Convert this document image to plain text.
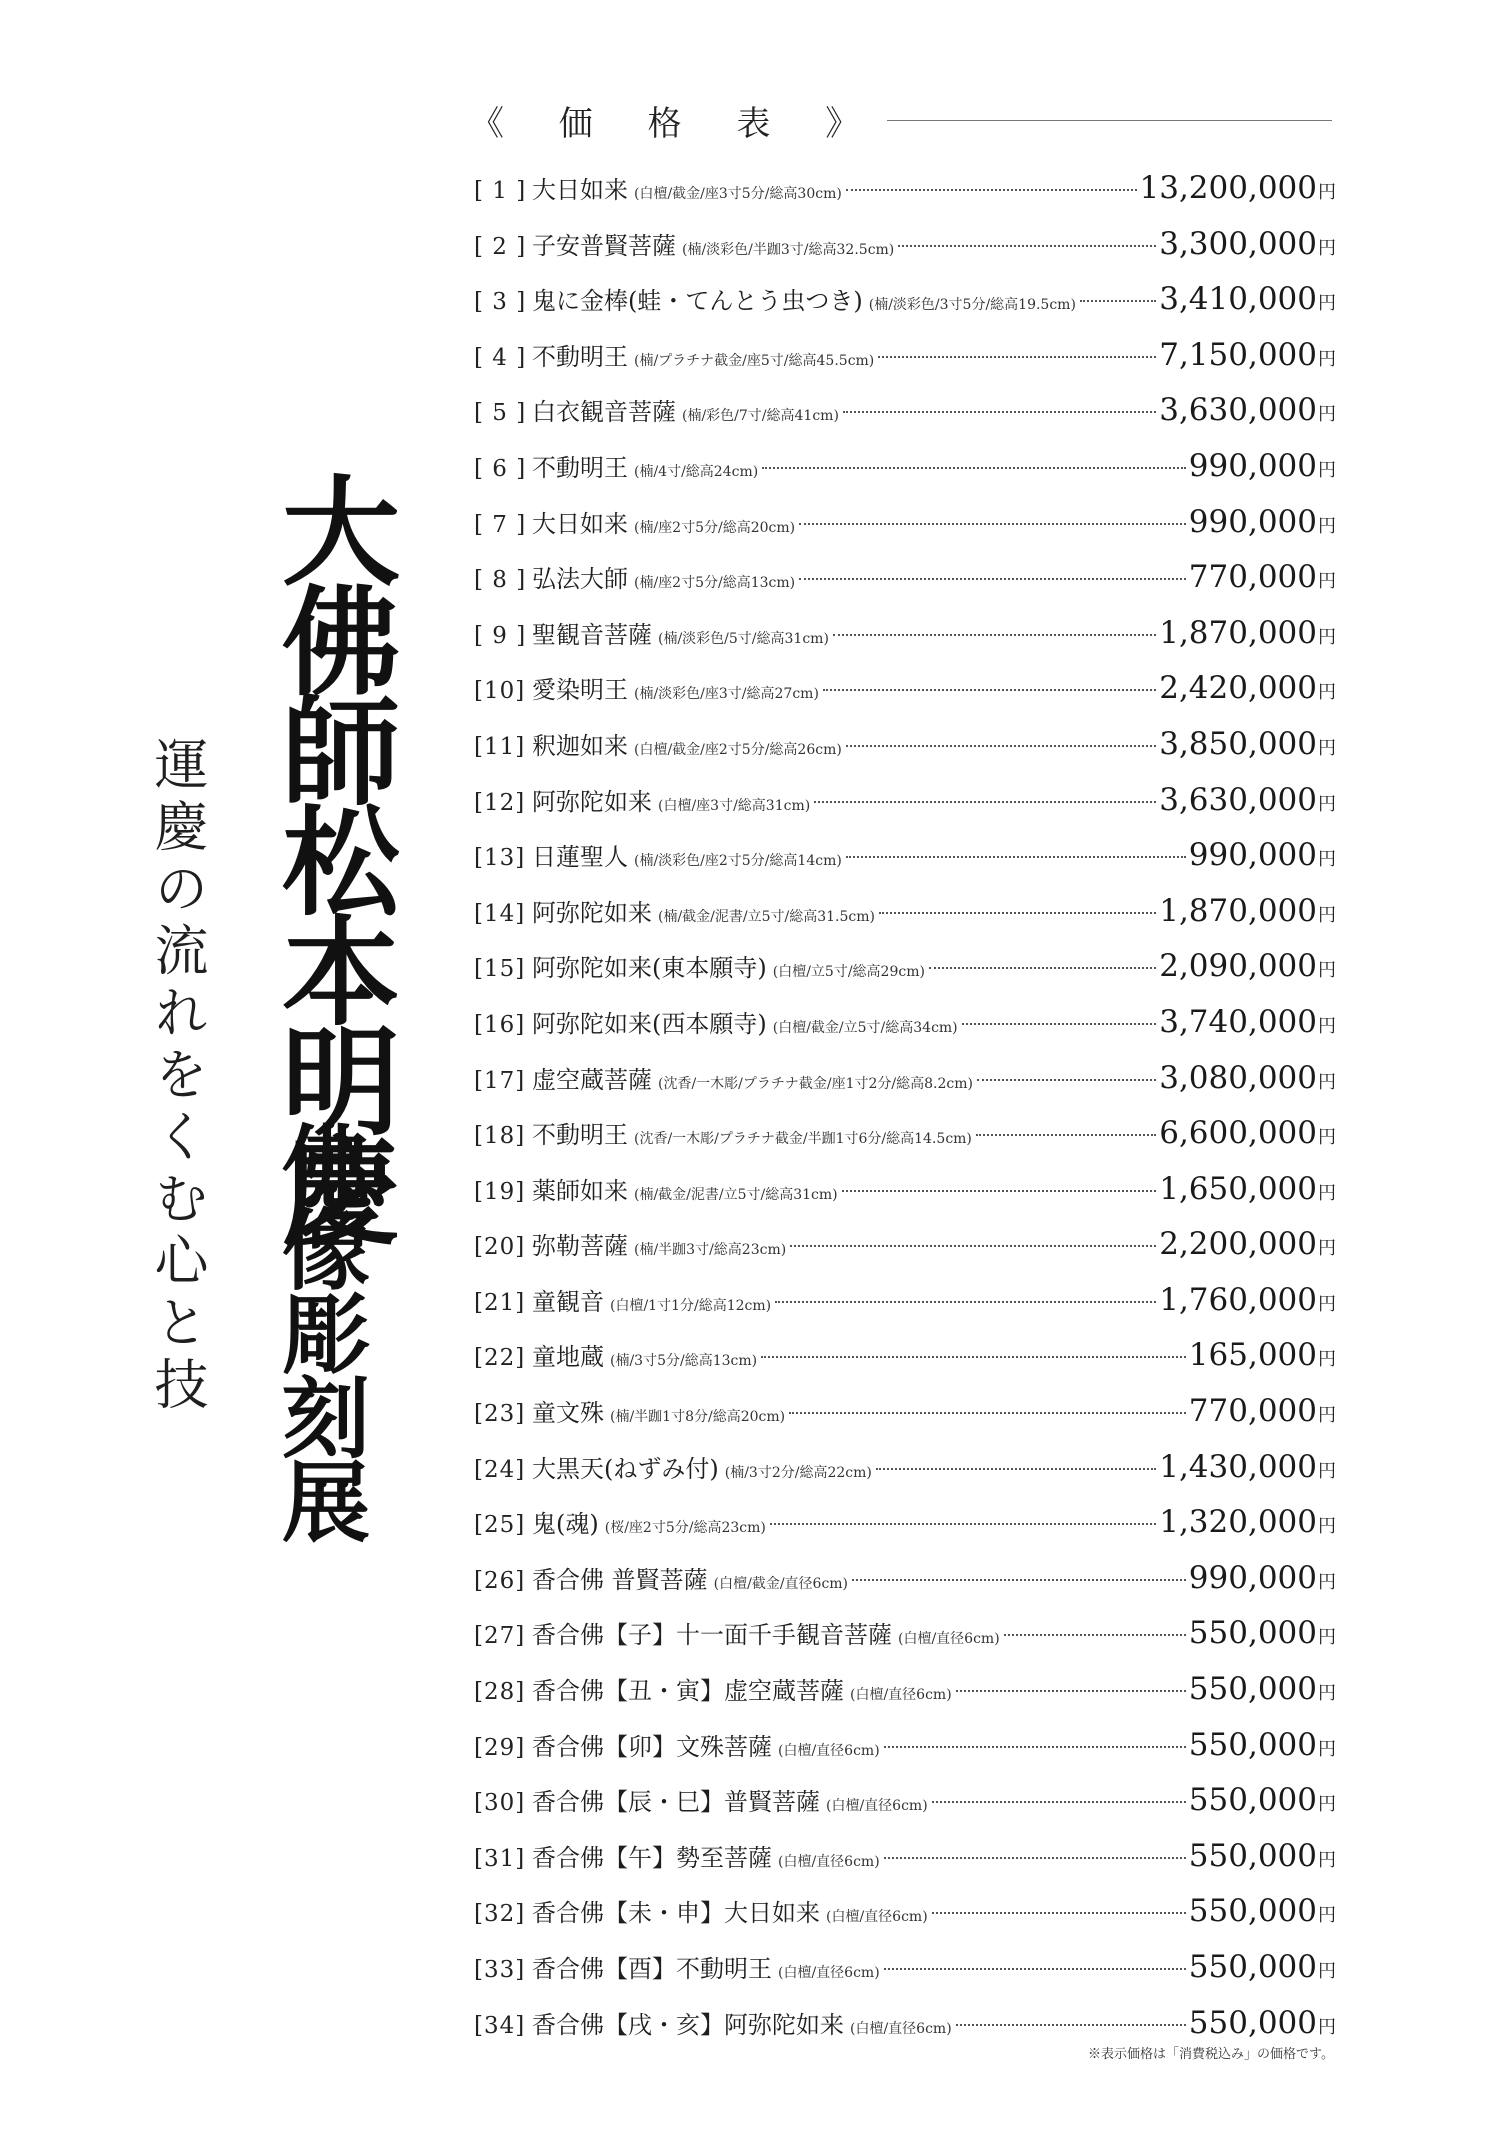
運慶の流れをくむ心と技 大佛師松本明慶
佛像彫刻展
《 価 格 表 》
[ 1 ] 大日如来 (白檀/截金/座3寸5分/総高30cm)	13,200,000 円
[ 2 ] 子安普賢菩薩 (楠/淡彩色/半跏3寸/総高32.5cm)	3,300,000 円
[ 3 ] 鬼に金棒(蛙・てんとう虫つき) (楠/淡彩色/3寸5分/総高19.5cm)	3,410,000 円
[ 4 ] 不動明王 (楠/プラチナ截金/座5寸/総高45.5cm)	7,150,000 円
[ 5 ] 白衣観音菩薩 (楠/彩色/7寸/総高41cm)	3,630,000 円
[ 6 ] 不動明王 (楠/4寸/総高24cm)	990,000 円
[ 7 ] 大日如来 (楠/座2寸5分/総高20cm)	990,000 円
[ 8 ] 弘法大師 (楠/座2寸5分/総高13cm)	770,000 円
[ 9 ] 聖観音菩薩 (楠/淡彩色/5寸/総高31cm)	1,870,000 円
[10] 愛染明王 (楠/淡彩色/座3寸/総高27cm)	2,420,000 円
[11] 釈迦如来 (白檀/截金/座2寸5分/総高26cm)	3,850,000 円
[12] 阿弥陀如来 (白檀/座3寸/総高31cm)	3,630,000 円
[13] 日蓮聖人 (楠/淡彩色/座2寸5分/総高14cm)	990,000 円
[14] 阿弥陀如来 (楠/截金/泥書/立5寸/総高31.5cm)	1,870,000 円
[15] 阿弥陀如来(東本願寺) (白檀/立5寸/総高29cm)	2,090,000 円
[16] 阿弥陀如来(西本願寺) (白檀/截金/立5寸/総高34cm)	3,740,000 円
[17] 虚空蔵菩薩 (沈香/一木彫/プラチナ截金/座1寸2分/総高8.2cm)	3,080,000 円
[18] 不動明王 (沈香/一木彫/プラチナ截金/半跏1寸6分/総高14.5cm)	6,600,000 円
[19] 薬師如来 (楠/截金/泥書/立5寸/総高31cm)	1,650,000 円
[20] 弥勒菩薩 (楠/半跏3寸/総高23cm)	2,200,000 円
[21] 童観音 (白檀/1寸1分/総高12cm)	1,760,000 円
[22] 童地蔵 (楠/3寸5分/総高13cm)	165,000 円
[23] 童文殊 (楠/半跏1寸8分/総高20cm)	770,000 円
[24] 大黒天(ねずみ付) (楠/3寸2分/総高22cm)	1,430,000 円
[25] 鬼(魂) (桜/座2寸5分/総高23cm)	1,320,000 円
[26] 香合佛 普賢菩薩 (白檀/截金/直径6cm)	990,000 円
[27] 香合佛【子】十一面千手観音菩薩 (白檀/直径6cm)	550,000 円
[28] 香合佛【丑・寅】虚空蔵菩薩 (白檀/直径6cm)	550,000 円
[29] 香合佛【卯】文殊菩薩 (白檀/直径6cm)	550,000 円
[30] 香合佛【辰・巳】普賢菩薩 (白檀/直径6cm)	550,000 円
[31] 香合佛【午】勢至菩薩 (白檀/直径6cm)	550,000 円
[32] 香合佛【未・申】大日如来 (白檀/直径6cm)	550,000 円
[33] 香合佛【酉】不動明王 (白檀/直径6cm)	550,000 円
[34] 香合佛【戌・亥】阿弥陀如来 (白檀/直径6cm)	550,000 円
※表示価格は「消費税込み」の価格です。
